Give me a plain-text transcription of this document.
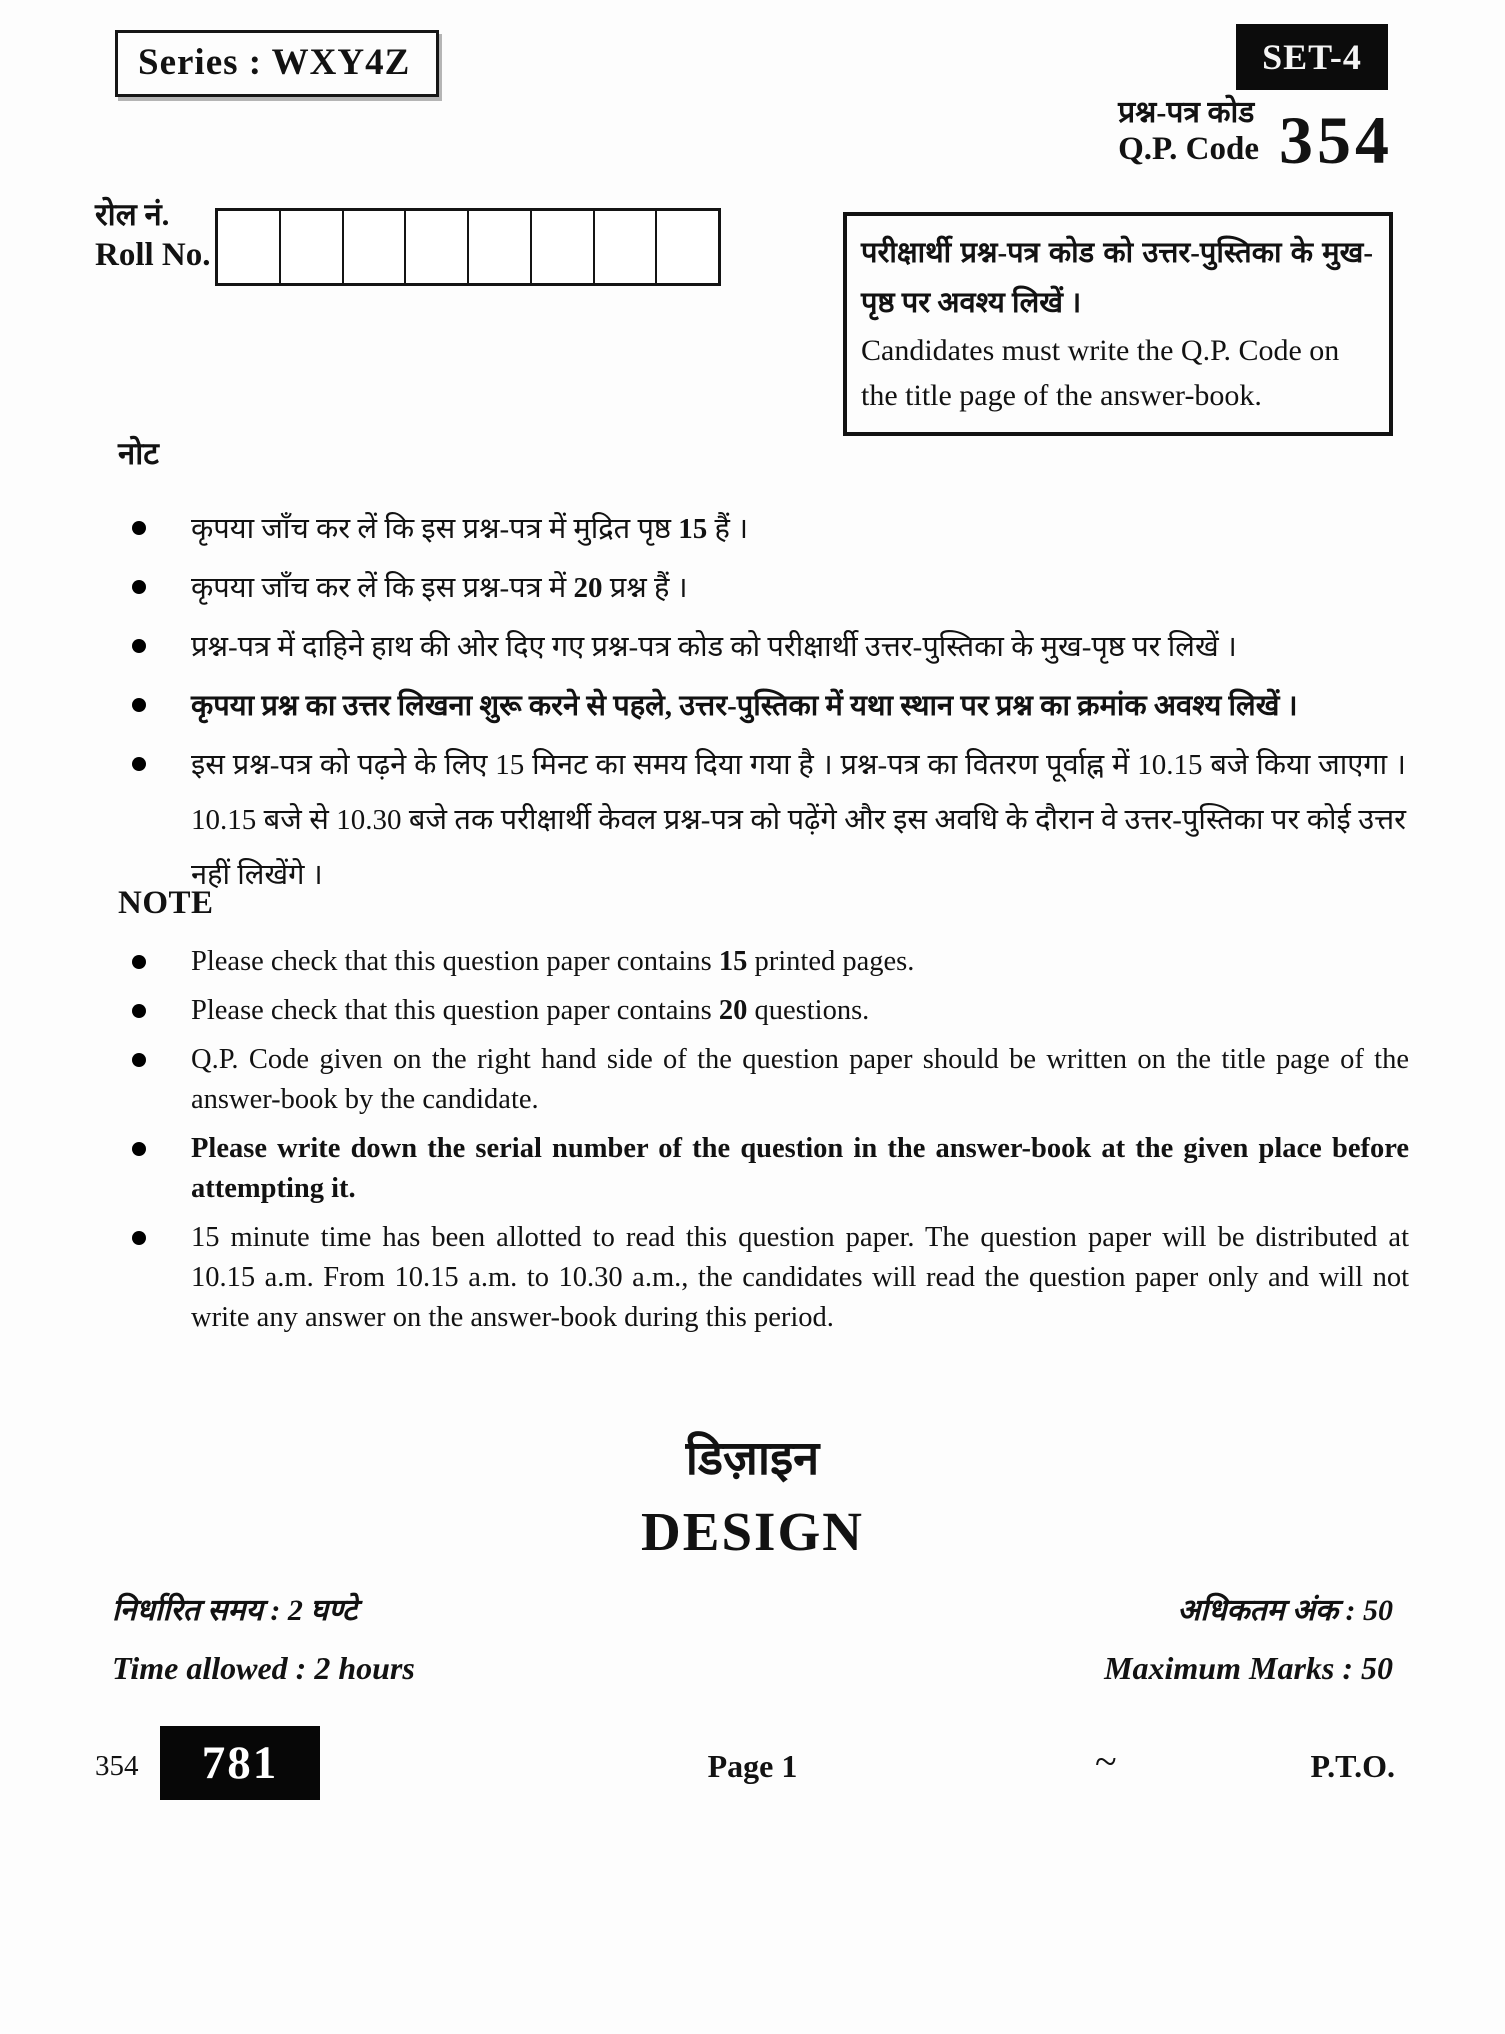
Series : WXY4Z	SET-4
प्रश्न-पत्र कोड
Q.P. Code 354
रोल नं.
Roll No.	परीक्षार्थी प्रश्न-पत्र कोड को उत्तर-पुस्तिका के मुख-पृष्ठ पर अवश्य लिखें ।
Candidates must write the Q.P. Code on the title page of the answer-book.
नोट
कृपया जाँच कर लें कि इस प्रश्न-पत्र में मुद्रित पृष्ठ 15 हैं ।
कृपया जाँच कर लें कि इस प्रश्न-पत्र में 20 प्रश्न हैं ।
प्रश्न-पत्र में दाहिने हाथ की ओर दिए गए प्रश्न-पत्र कोड को परीक्षार्थी उत्तर-पुस्तिका के मुख-पृष्ठ पर लिखें ।
कृपया प्रश्न का उत्तर लिखना शुरू करने से पहले, उत्तर-पुस्तिका में यथा स्थान पर प्रश्न का क्रमांक अवश्य लिखें ।
इस प्रश्न-पत्र को पढ़ने के लिए 15 मिनट का समय दिया गया है । प्रश्न-पत्र का वितरण पूर्वाह्न में 10.15 बजे किया जाएगा । 10.15 बजे से 10.30 बजे तक परीक्षार्थी केवल प्रश्न-पत्र को पढ़ेंगे और इस अवधि के दौरान वे उत्तर-पुस्तिका पर कोई उत्तर नहीं लिखेंगे ।
NOTE
Please check that this question paper contains 15 printed pages.
Please check that this question paper contains 20 questions.
Q.P. Code given on the right hand side of the question paper should be written on the title page of the answer-book by the candidate.
Please write down the serial number of the question in the answer-book at the given place before attempting it.
15 minute time has been allotted to read this question paper. The question paper will be distributed at 10.15 a.m. From 10.15 a.m. to 10.30 a.m., the candidates will read the question paper only and will not write any answer on the answer-book during this period.
डिज़ाइन
DESIGN
निर्धारित समय : 2 घण्टे
Time allowed : 2 hours
अधिकतम अंक : 50
Maximum Marks : 50
354 781	Page 1	~	P.T.O.
